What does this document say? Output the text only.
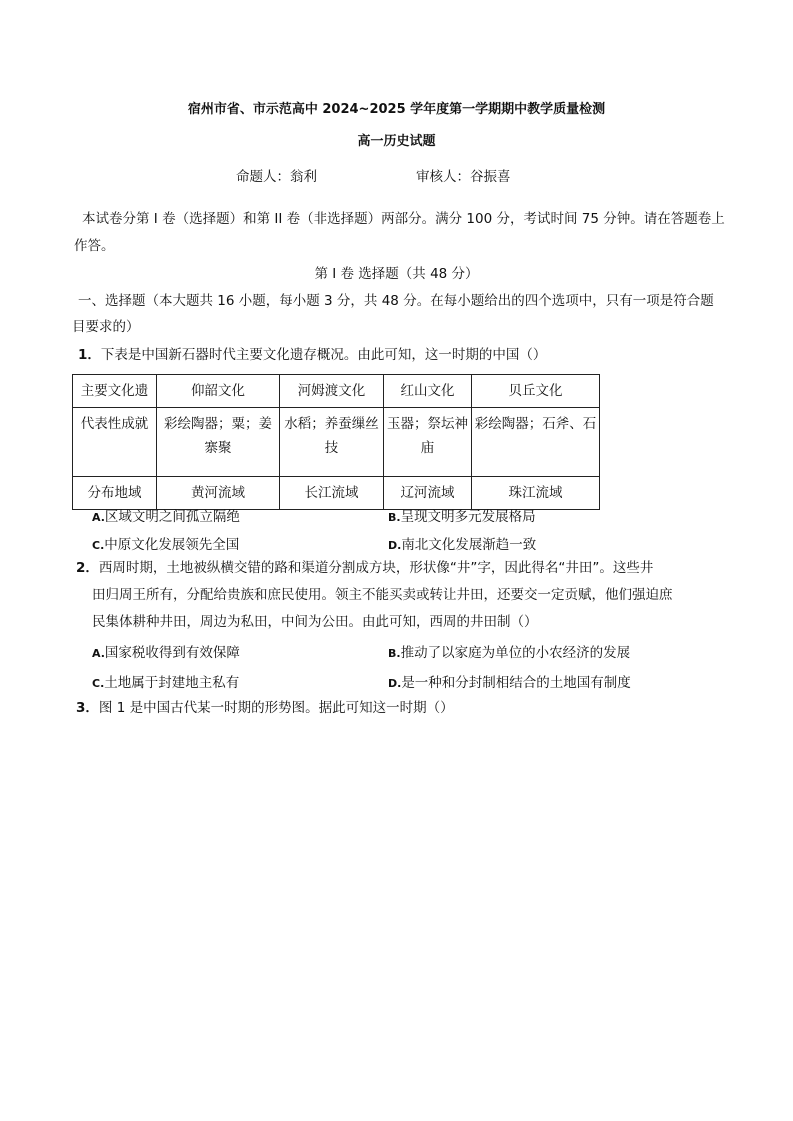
宿州市省、市示范高中 2024~2025 学年度第一学期期中教学质量检测
高一历史试题
命题人：翁利	审核人：谷振喜
本试卷分第 I 卷（选择题）和第 II 卷（非选择题）两部分。满分 100 分，考试时间 75 分钟。请在答题卷上
作答。
第 I 卷 选择题（共 48 分）
一、选择题（本大题共 16 小题，每小题 3 分，共 48 分。在每小题给出的四个选项中，只有一项是符合题
目要求的）
1．下表是中国新石器时代主要文化遗存概况。由此可知，这一时期的中国（）
主要文化遗	仰韶文化	河姆渡文化	红山文化	贝丘文化
代表性成就	彩绘陶器；粟；姜寨聚	水稻；养蚕缫丝技	玉器；祭坛神庙	彩绘陶器；石斧、石
分布地域	黄河流域	长江流域	辽河流域	珠江流域
A.区域文明之间孤立隔绝	B.呈现文明多元发展格局
C.中原文化发展领先全国	D.南北文化发展渐趋一致
2．西周时期，土地被纵横交错的路和渠道分割成方块，形状像“井”字，因此得名“井田”。这些井
田归周王所有，分配给贵族和庶民使用。领主不能买卖或转让井田，还要交一定贡赋，他们强迫庶
民集体耕种井田，周边为私田，中间为公田。由此可知，西周的井田制（）
A.国家税收得到有效保障	B.推动了以家庭为单位的小农经济的发展
C.土地属于封建地主私有	D.是一种和分封制相结合的土地国有制度
3．图 1 是中国古代某一时期的形势图。据此可知这一时期（）
